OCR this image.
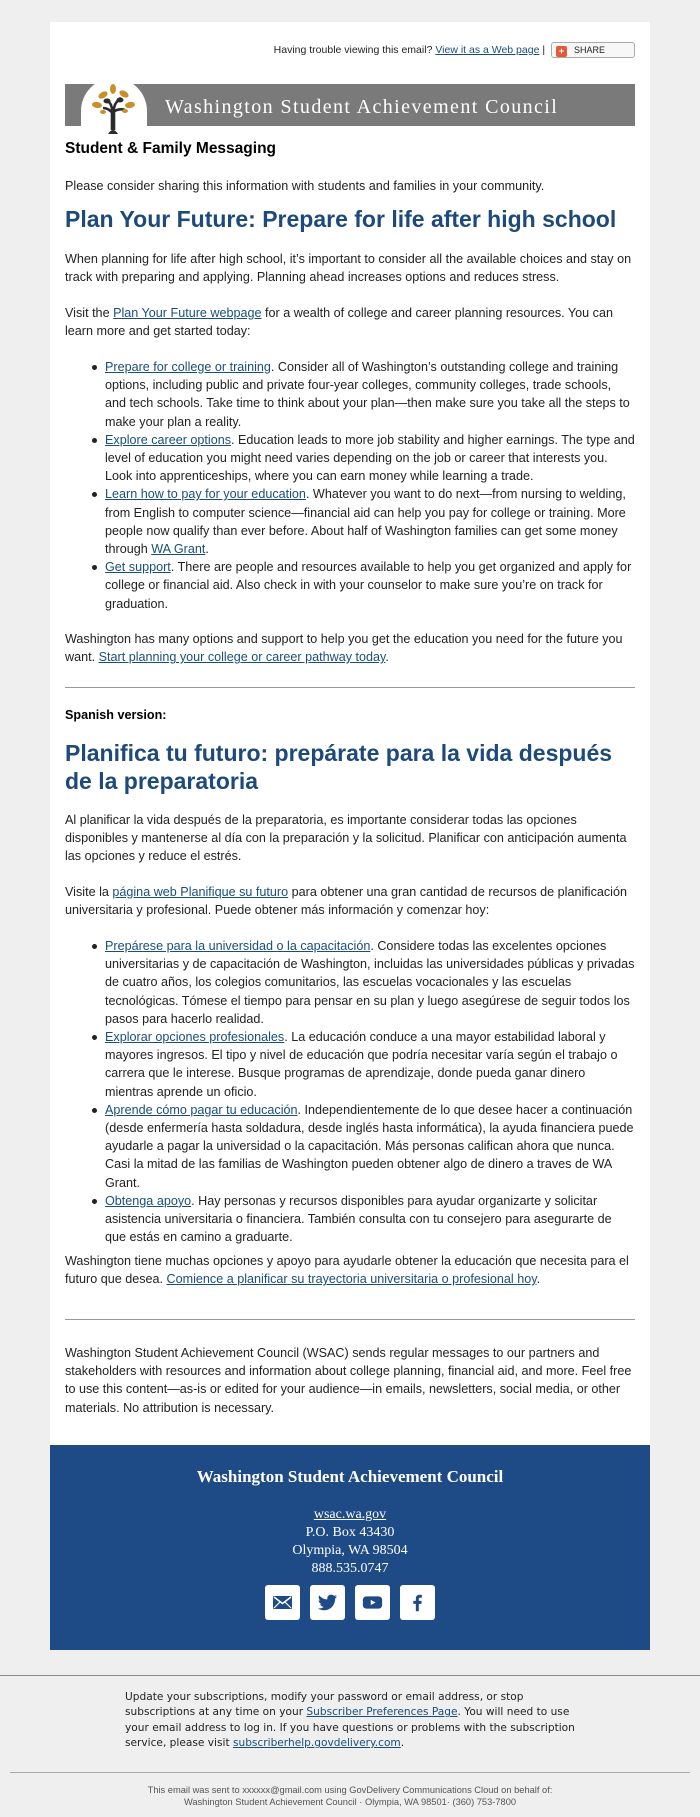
Having trouble viewing this email? View it as a Web page | + SHARE
Washington Student Achievement Council
Student & Family Messaging
Please consider sharing this information with students and families in your community.
Plan Your Future: Prepare for life after high school
When planning for life after high school, it’s important to consider all the available choices and stay on track with preparing and applying. Planning ahead increases options and reduces stress.
Visit the Plan Your Future webpage for a wealth of college and career planning resources. You can learn more and get started today:
Prepare for college or training. Consider all of Washington’s outstanding college and training options, including public and private four-year colleges, community colleges, trade schools, and tech schools. Take time to think about your plan—then make sure you take all the steps to make your plan a reality.
Explore career options. Education leads to more job stability and higher earnings. The type and level of education you might need varies depending on the job or career that interests you. Look into apprenticeships, where you can earn money while learning a trade.
Learn how to pay for your education. Whatever you want to do next—from nursing to welding, from English to computer science—financial aid can help you pay for college or training. More people now qualify than ever before. About half of Washington families can get some money through WA Grant.
Get support. There are people and resources available to help you get organized and apply for college or financial aid. Also check in with your counselor to make sure you’re on track for graduation.
Washington has many options and support to help you get the education you need for the future you want. Start planning your college or career pathway today.
Spanish version:
Planifica tu futuro: prepárate para la vida después de la preparatoria
Al planificar la vida después de la preparatoria, es importante considerar todas las opciones disponibles y mantenerse al día con la preparación y la solicitud. Planificar con anticipación aumenta las opciones y reduce el estrés.
Visite la página web Planifique su futuro para obtener una gran cantidad de recursos de planificación universitaria y profesional. Puede obtener más información y comenzar hoy:
Prepárese para la universidad o la capacitación. Considere todas las excelentes opciones universitarias y de capacitación de Washington, incluidas las universidades públicas y privadas de cuatro años, los colegios comunitarios, las escuelas vocacionales y las escuelas tecnológicas. Tómese el tiempo para pensar en su plan y luego asegúrese de seguir todos los pasos para hacerlo realidad.
Explorar opciones profesionales. La educación conduce a una mayor estabilidad laboral y mayores ingresos. El tipo y nivel de educación que podría necesitar varía según el trabajo o carrera que le interese. Busque programas de aprendizaje, donde pueda ganar dinero mientras aprende un oficio.
Aprende cómo pagar tu educación. Independientemente de lo que desee hacer a continuación (desde enfermería hasta soldadura, desde inglés hasta informática), la ayuda financiera puede ayudarle a pagar la universidad o la capacitación. Más personas califican ahora que nunca. Casi la mitad de las familias de Washington pueden obtener algo de dinero a traves de WA Grant.
Obtenga apoyo. Hay personas y recursos disponibles para ayudar organizarte y solicitar asistencia universitaria o financiera. También consulta con tu consejero para asegurarte de que estás en camino a graduarte.
Washington tiene muchas opciones y apoyo para ayudarle obtener la educación que necesita para el futuro que desea. Comience a planificar su trayectoria universitaria o profesional hoy.
Washington Student Achievement Council (WSAC) sends regular messages to our partners and stakeholders with resources and information about college planning, financial aid, and more. Feel free to use this content—as-is or edited for your audience—in emails, newsletters, social media, or other materials. No attribution is necessary.
Washington Student Achievement Council
wsac.wa.gov
P.O. Box 43430
Olympia, WA 98504
888.535.0747

Update your subscriptions, modify your password or email address, or stop subscriptions at any time on your Subscriber Preferences Page. You will need to use your email address to log in. If you have questions or problems with the subscription service, please visit subscriberhelp.govdelivery.com.
This email was sent to xxxxxx@gmail.com using GovDelivery Communications Cloud on behalf of:
Washington Student Achievement Council · Olympia, WA 98501· (360) 753-7800
